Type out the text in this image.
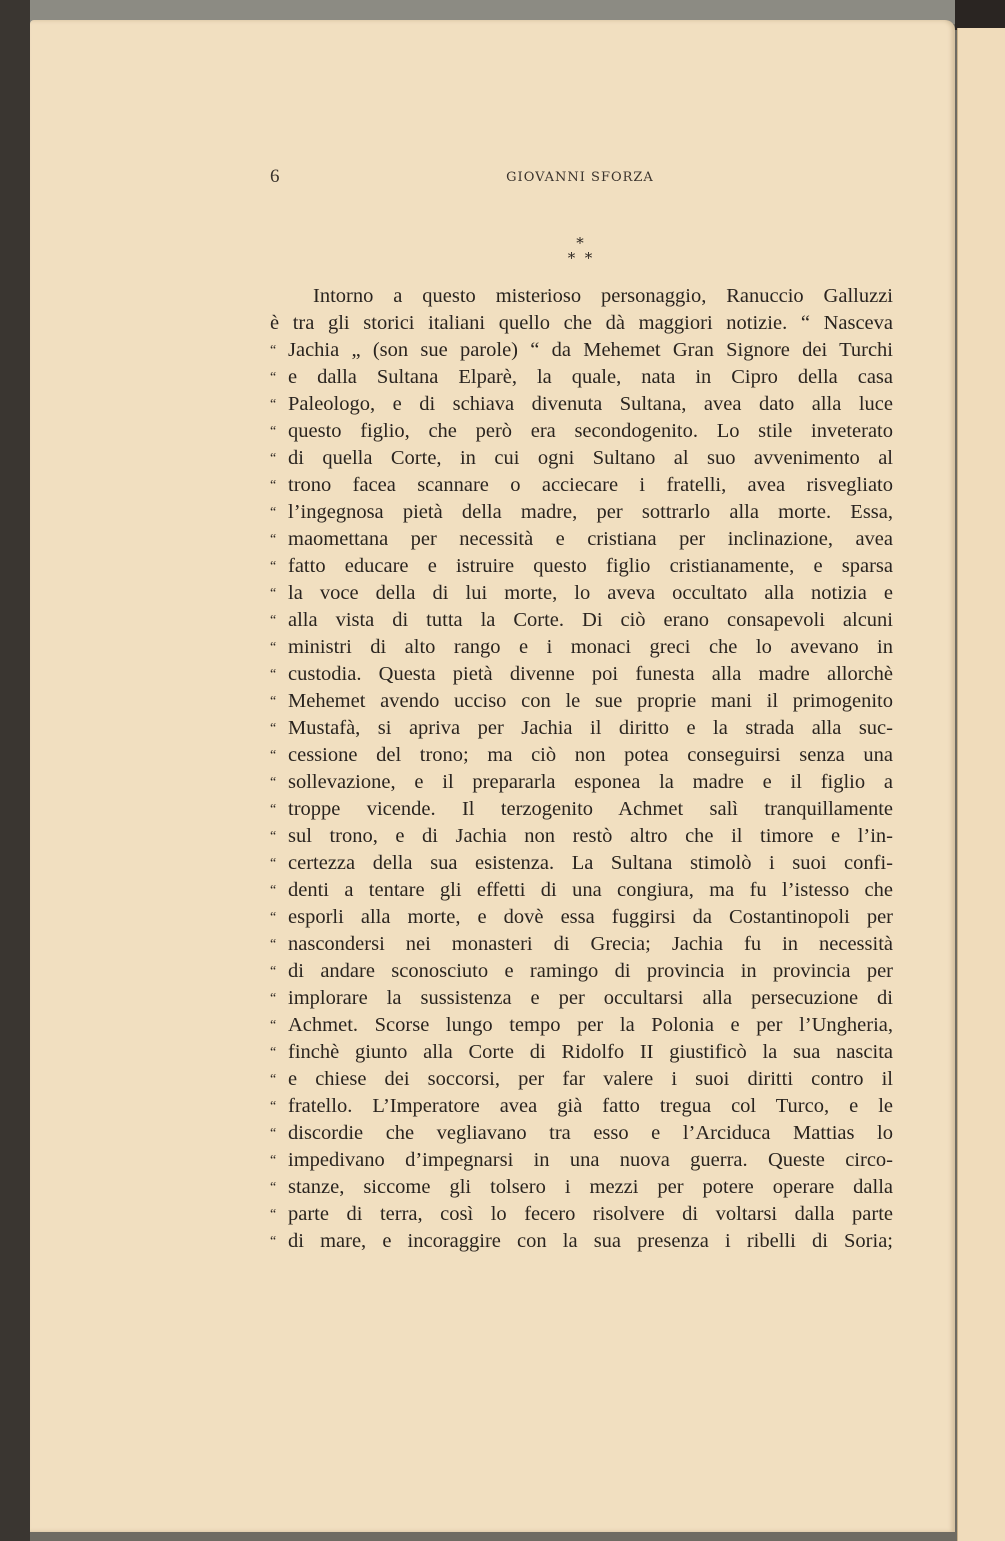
6	GIOVANNI SFORZA
*
*  *
Intorno a questo misterioso personaggio, Ranuccio Galluzzi
è tra gli storici italiani quello che dà maggiori notizie. “ Nasceva
“ Jachia „ (son sue parole) “ da Mehemet Gran Signore dei Turchi
“ e dalla Sultana Elparè, la quale, nata in Cipro della casa
“ Paleologo, e di schiava divenuta Sultana, avea dato alla luce
“ questo figlio, che però era secondogenito. Lo stile inveterato
“ di quella Corte, in cui ogni Sultano al suo avvenimento al
“ trono facea scannare o acciecare i fratelli, avea risvegliato
“ l’ingegnosa pietà della madre, per sottrarlo alla morte. Essa,
“ maomettana per necessità e cristiana per inclinazione, avea
“ fatto educare e istruire questo figlio cristianamente, e sparsa
“ la voce della di lui morte, lo aveva occultato alla notizia e
“ alla vista di tutta la Corte. Di ciò erano consapevoli alcuni
“ ministri di alto rango e i monaci greci che lo avevano in
“ custodia. Questa pietà divenne poi funesta alla madre allorchè
“ Mehemet avendo ucciso con le sue proprie mani il primogenito
“ Mustafà, si apriva per Jachia il diritto e la strada alla suc-
“ cessione del trono; ma ciò non potea conseguirsi senza una
“ sollevazione, e il prepararla esponea la madre e il figlio a
“ troppe vicende. Il terzogenito Achmet salì tranquillamente
“ sul trono, e di Jachia non restò altro che il timore e l’in-
“ certezza della sua esistenza. La Sultana stimolò i suoi confi-
“ denti a tentare gli effetti di una congiura, ma fu l’istesso che
“ esporli alla morte, e dovè essa fuggirsi da Costantinopoli per
“ nascondersi nei monasteri di Grecia; Jachia fu in necessità
“ di andare sconosciuto e ramingo di provincia in provincia per
“ implorare la sussistenza e per occultarsi alla persecuzione di
“ Achmet. Scorse lungo tempo per la Polonia e per l’Ungheria,
“ finchè giunto alla Corte di Ridolfo II giustificò la sua nascita
“ e chiese dei soccorsi, per far valere i suoi diritti contro il
“ fratello. L’Imperatore avea già fatto tregua col Turco, e le
“ discordie che vegliavano tra esso e l’Arciduca Mattias lo
“ impedivano d’impegnarsi in una nuova guerra. Queste circo-
“ stanze, siccome gli tolsero i mezzi per potere operare dalla
“ parte di terra, così lo fecero risolvere di voltarsi dalla parte
“ di mare, e incoraggire con la sua presenza i ribelli di Soria;
